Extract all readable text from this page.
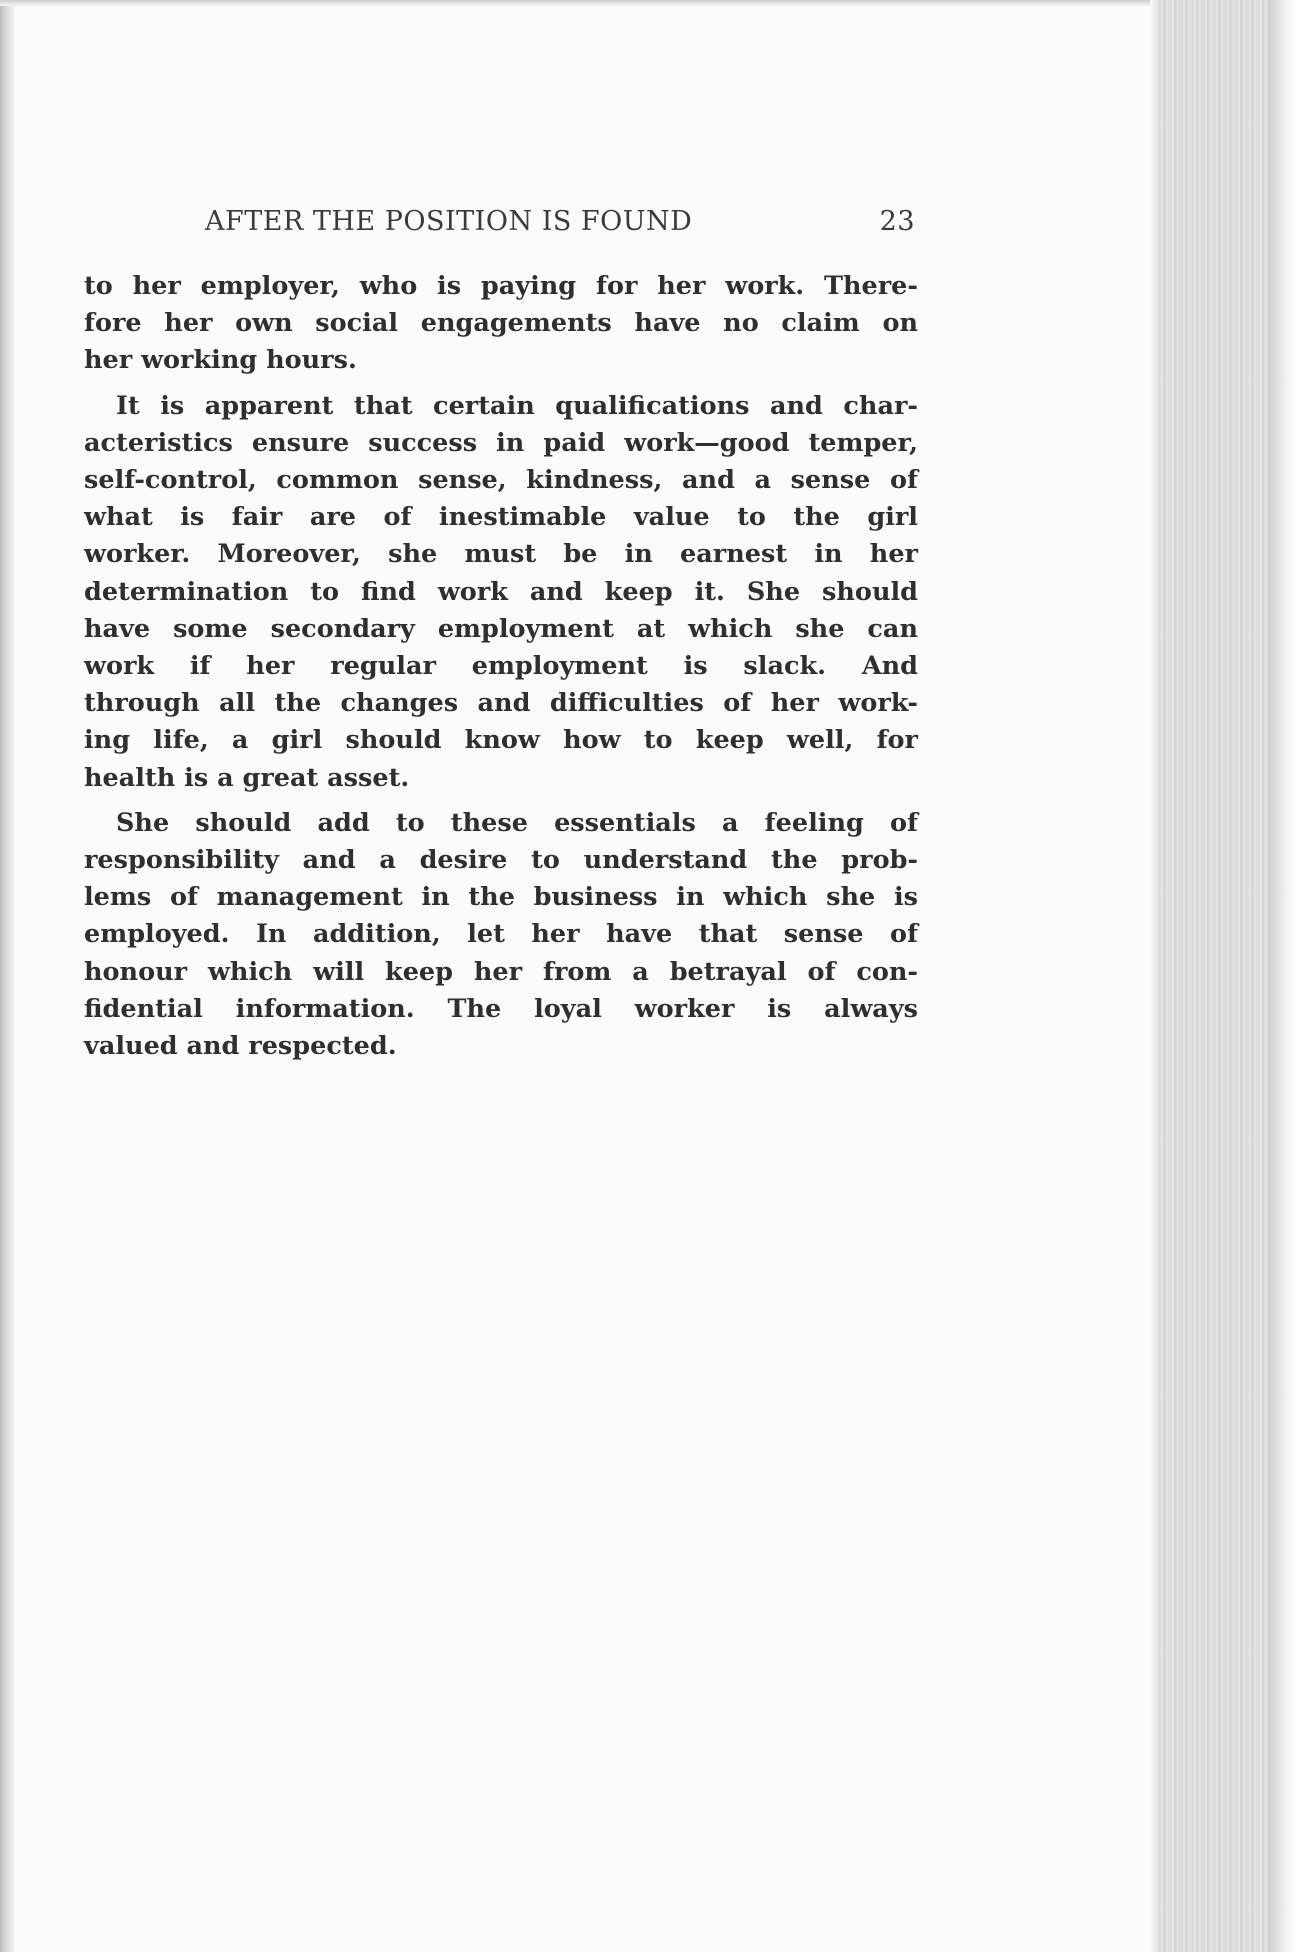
AFTER THE POSITION IS FOUND	23
to her employer, who is paying for her work. There-
fore her own social engagements have no claim on
her working hours.
It is apparent that certain qualifications and char-
acteristics ensure success in paid work—good temper,
self-control, common sense, kindness, and a sense of
what is fair are of inestimable value to the girl
worker. Moreover, she must be in earnest in her
determination to find work and keep it. She should
have some secondary employment at which she can
work if her regular employment is slack. And
through all the changes and difficulties of her work-
ing life, a girl should know how to keep well, for
health is a great asset.
She should add to these essentials a feeling of
responsibility and a desire to understand the prob-
lems of management in the business in which she is
employed. In addition, let her have that sense of
honour which will keep her from a betrayal of con-
fidential information. The loyal worker is always
valued and respected.
